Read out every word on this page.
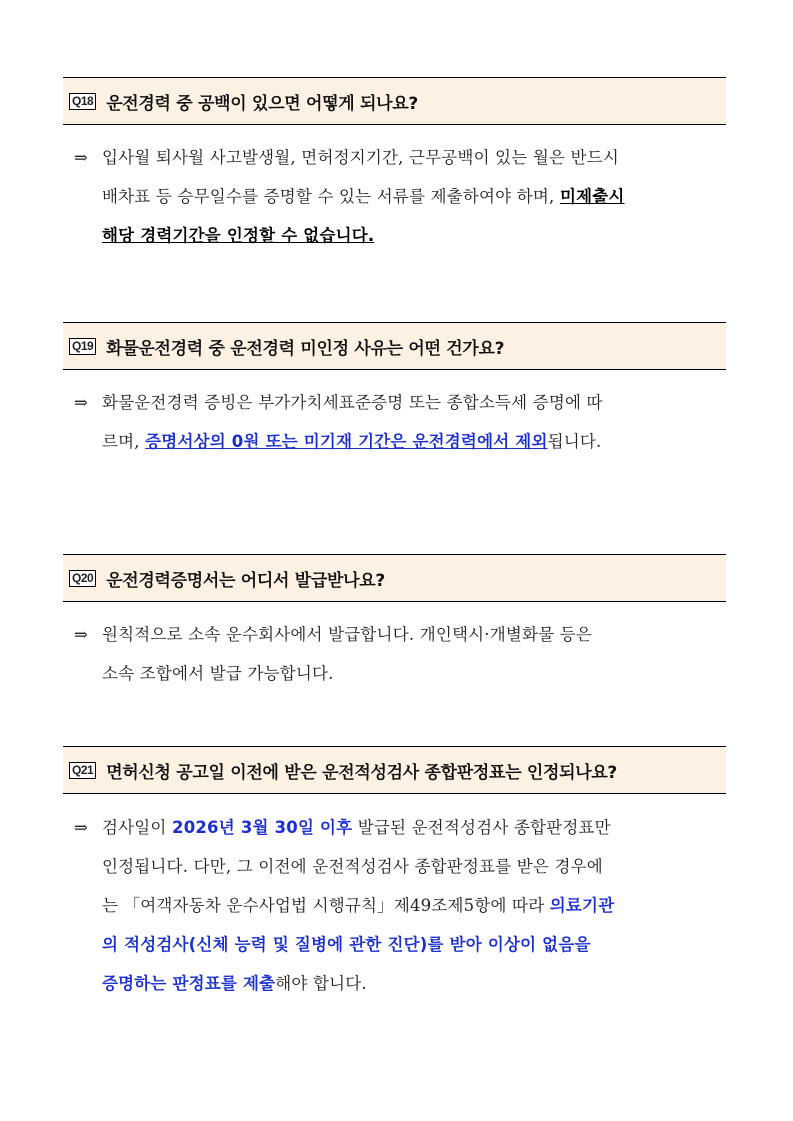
Q18 운전경력 중 공백이 있으면 어떻게 되나요?
⇒ 입사월 퇴사월 사고발생월, 면허정지기간, 근무공백이 있는 월은 반드시
배차표 등 승무일수를 증명할 수 있는 서류를 제출하여야 하며, 미제출시
해당 경력기간을 인정할 수 없습니다.
Q19 화물운전경력 중 운전경력 미인정 사유는 어떤 건가요?
⇒ 화물운전경력 증빙은 부가가치세표준증명 또는 종합소득세 증명에 따
르며, 증명서상의 0원 또는 미기재 기간은 운전경력에서 제외됩니다.
Q20 운전경력증명서는 어디서 발급받나요?
⇒ 원칙적으로 소속 운수회사에서 발급합니다. 개인택시·개별화물 등은
소속 조합에서 발급 가능합니다.
Q21 면허신청 공고일 이전에 받은 운전적성검사 종합판정표는 인정되나요?
⇒ 검사일이 2026년 3월 30일 이후 발급된 운전적성검사 종합판정표만
인정됩니다. 다만, 그 이전에 운전적성검사 종합판정표를 받은 경우에
는 「여객자동차 운수사업법 시행규칙」제49조제5항에 따라 의료기관
의 적성검사(신체 능력 및 질병에 관한 진단)를 받아 이상이 없음을
증명하는 판정표를 제출해야 합니다.
